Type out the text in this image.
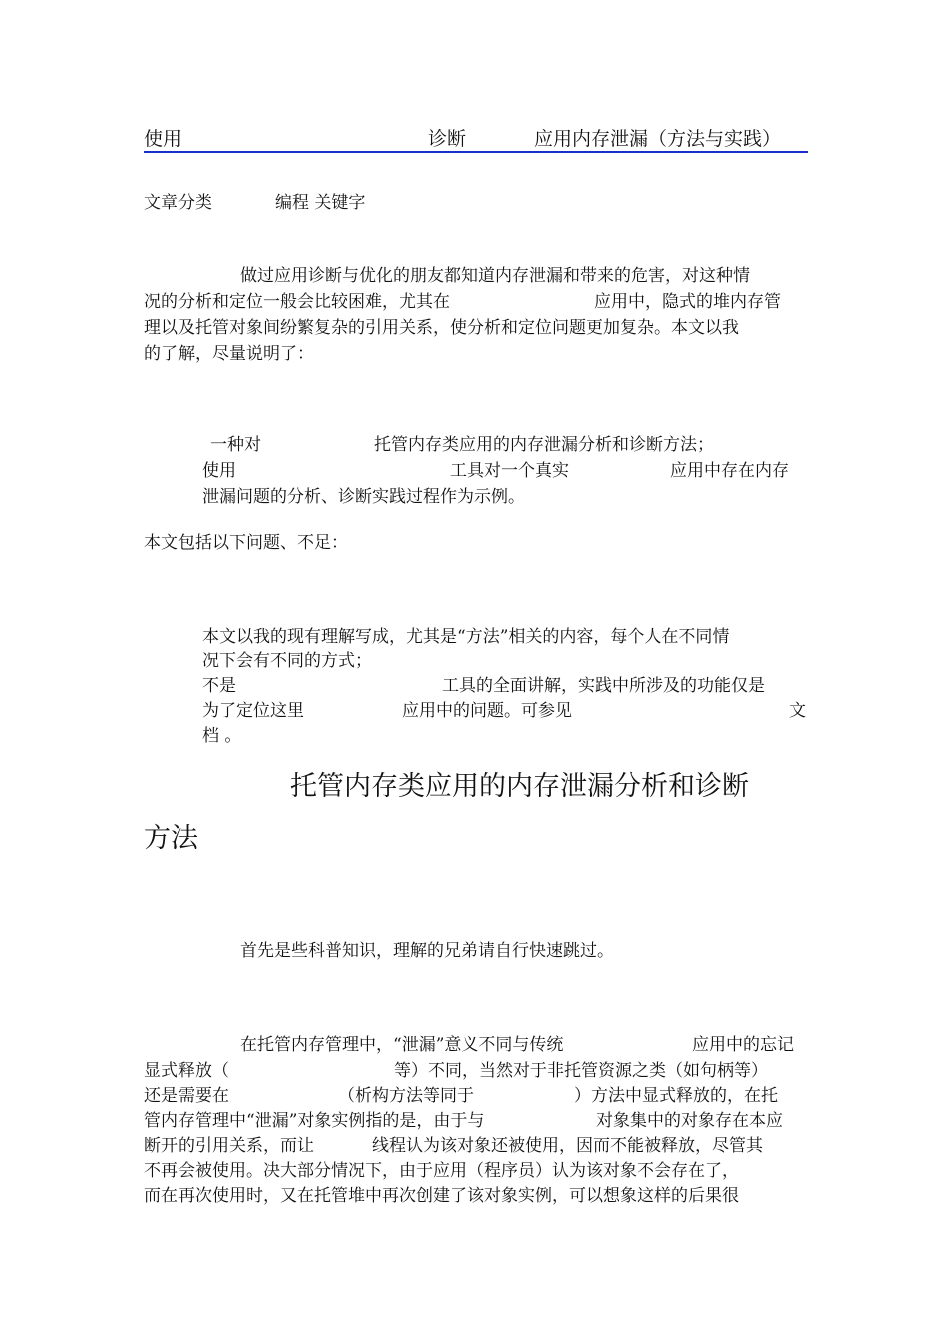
使用	诊断	应用内存泄漏（方法与实践）
文章分类	编程 关键字
做过应用诊断与优化的朋友都知道内存泄漏和带来的危害，对这种情
况的分析和定位一般会比较困难，尤其在	应用中，隐式的堆内存管
理以及托管对象间纷繁复杂的引用关系，使分析和定位问题更加复杂。本文以我
的了解，尽量说明了：
一种对	托管内存类应用的内存泄漏分析和诊断方法；
使用	工具对一个真实	应用中存在内存
泄漏问题的分析、诊断实践过程作为示例。
本文包括以下问题、不足：
本文以我的现有理解写成，尤其是“方法”相关的内容，每个人在不同情
况下会有不同的方式；
不是	工具的全面讲解，实践中所涉及的功能仅是
为了定位这里	应用中的问题。可参见	文
档 。
托管内存类应用的内存泄漏分析和诊断
方法
首先是些科普知识，理解的兄弟请自行快速跳过。
在托管内存管理中，“泄漏”意义不同与传统	应用中的忘记
显式释放（	等）不同，当然对于非托管资源之类（如句柄等）
还是需要在	（析构方法等同于	）方法中显式释放的，在托
管内存管理中“泄漏”对象实例指的是，由于与	对象集中的对象存在本应
断开的引用关系，而让	线程认为该对象还被使用，因而不能被释放，尽管其
不再会被使用。决大部分情况下，由于应用（程序员）认为该对象不会存在了，
而在再次使用时，又在托管堆中再次创建了该对象实例，可以想象这样的后果很
